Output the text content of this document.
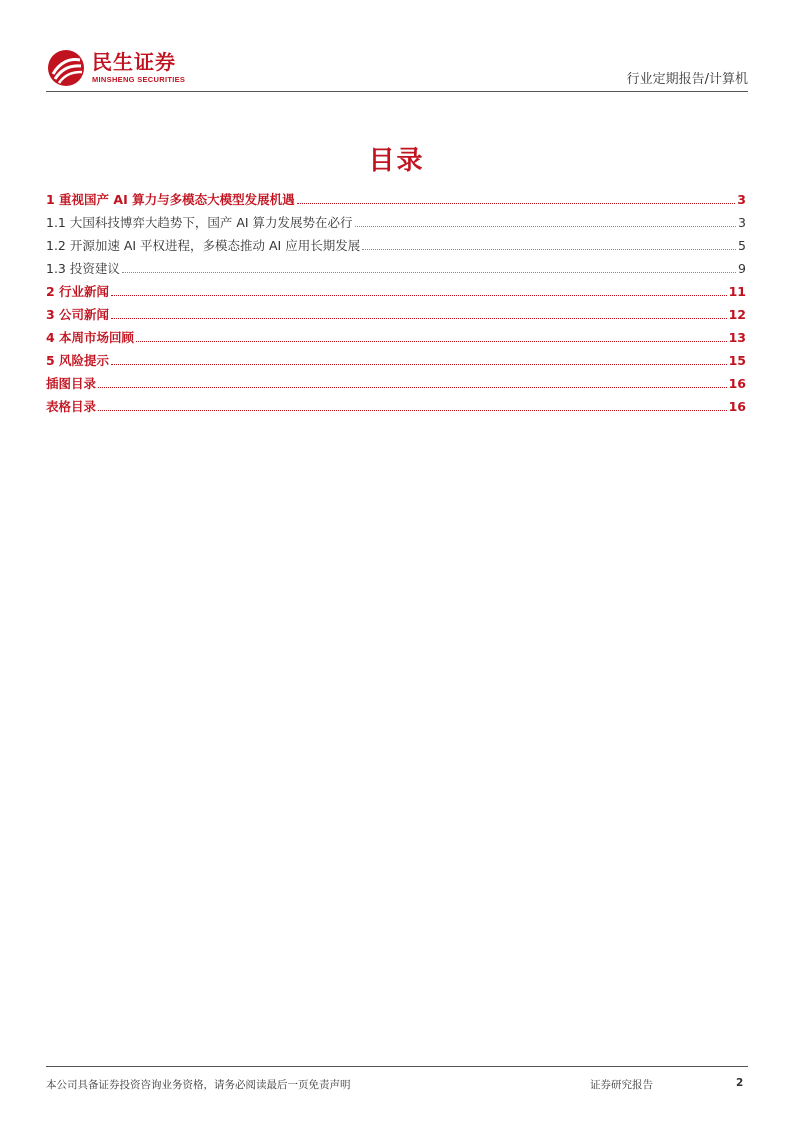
民生证券
MINSHENG SECURITIES	行业定期报告/计算机
目录
1 重视国产 AI 算力与多模态大模型发展机遇	3
1.1 大国科技博弈大趋势下，国产 AI 算力发展势在必行	3
1.2 开源加速 AI 平权进程，多模态推动 AI 应用长期发展	5
1.3 投资建议	9
2 行业新闻	11
3 公司新闻	12
4 本周市场回顾	13
5 风险提示	15
插图目录	16
表格目录	16
本公司具备证券投资咨询业务资格，请务必阅读最后一页免责声明	证券研究报告	2
